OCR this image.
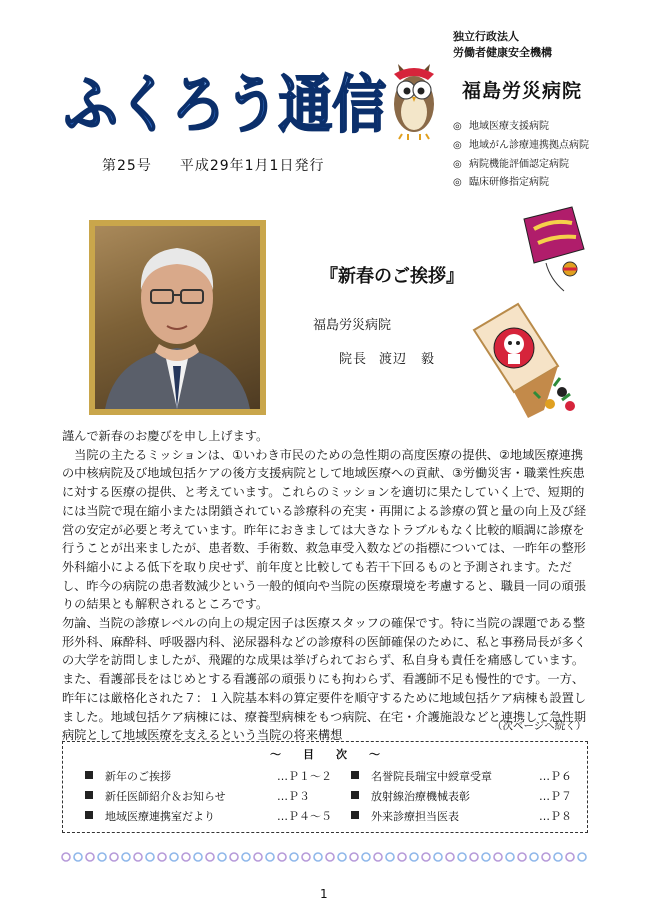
ふくろう通信
第25号 平成29年1月1日発行
独立行政法人
労働者健康安全機構
福島労災病院
◎ 地域医療支援病院
◎ 地域がん診療連携拠点病院
◎ 病院機能評価認定病院
◎ 臨床研修指定病院
『新春のご挨拶』
福島労災病院
院長 渡辺　毅

謹んで新春のお慶びを申し上げます。

　当院の主たるミッションは、①いわき市民のための急性期の高度医療の提供、②地域医療連携の中核病院及び地域包括ケアの後方支援病院として地域医療への貢献、③労働災害・職業性疾患に対する医療の提供、と考えています。これらのミッションを適切に果たしていく上で、短期的には当院で現在縮小または閉鎖されている診療科の充実・再開による診療の質と量の向上及び経営の安定が必要と考えています。昨年におきましては大きなトラブルもなく比較的順調に診療を行うことが出来ましたが、患者数、手術数、救急車受入数などの指標については、一昨年の整形外科縮小による低下を取り戻せず、前年度と比較しても若干下回るものと予測されます。ただし、昨今の病院の患者数減少という一般的傾向や当院の医療環境を考慮すると、職員一同の頑張りの結果とも解釈されるところです。

勿論、当院の診療レベルの向上の規定因子は医療スタッフの確保です。特に当院の課題である整形外科、麻酔科、呼吸器内科、泌尿器科などの診療科の医師確保のために、私と事務局長が多くの大学を訪問しましたが、飛躍的な成果は挙げられておらず、私自身も責任を痛感しています。また、看護部長をはじめとする看護部の頑張りにも拘わらず、看護師不足も慢性的です。一方、昨年には厳格化された７：１入院基本料の算定要件を順守するために地域包括ケア病棟も設置しました。地域包括ケア病棟には、療養型病棟をもつ病院、在宅・介護施設などと連携して急性期病院として地域医療を支えるという当院の将来構想

（次ページへ続く）
～　　目　　次　　～
新年のご挨拶	…Ｐ１～２
新任医師紹介＆お知らせ	…Ｐ３
地域医療連携室だより	…Ｐ４～５
名誉院長瑞宝中綬章受章	…Ｐ６
放射線治療機械表彰	…Ｐ７
外来診療担当医表	…Ｐ８
1
